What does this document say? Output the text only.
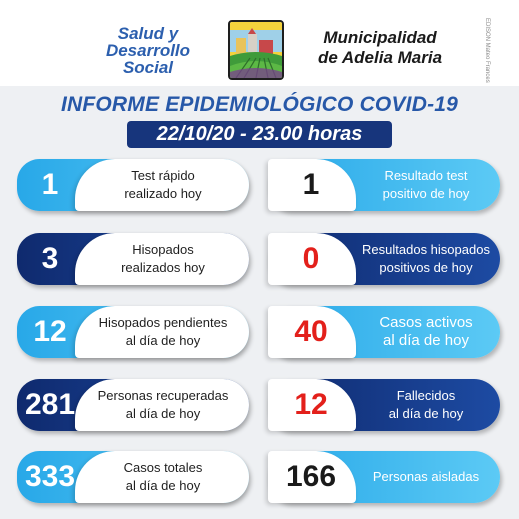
Salud y
Desarrollo
Social
Municipalidad
de Adelia Maria	EDISON Mateo Frances
INFORME EPIDEMIOLÓGICO COVID-19
22/10/20 - 23.00 horas
1	Test rápido
realizado hoy
3	Hisopados
realizados hoy
12	Hisopados pendientes
al día de hoy
281	Personas recuperadas
al día de hoy
333	Casos totales
al día de hoy
1	Resultado test
positivo de hoy
0	Resultados hisopados
positivos de hoy
40	Casos activos
al día de hoy
12	Fallecidos
al día de hoy
166	Personas aisladas
